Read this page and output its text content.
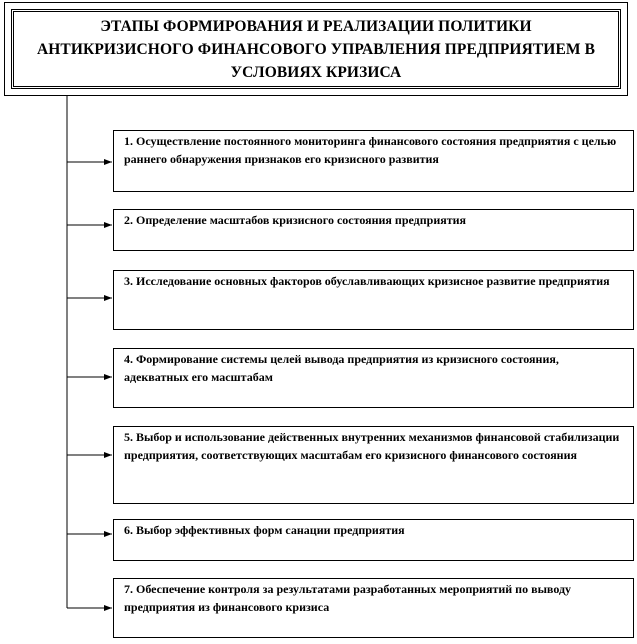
ЭТАПЫ ФОРМИРОВАНИЯ И РЕАЛИЗАЦИИ ПОЛИТИКИ АНТИКРИЗИСНОГО ФИНАНСОВОГО УПРАВЛЕНИЯ ПРЕДПРИЯТИЕМ В УСЛОВИЯХ КРИЗИСА
1. Осуществление постоянного мониторинга финансового состояния предприятия с целью раннего обнаружения признаков его кризисного развития
2. Определение масштабов кризисного состояния предприятия
3. Исследование основных факторов обуславливающих кризисное развитие предприятия
4. Формирование системы целей вывода предприятия из кризисного состояния, адекватных его масштабам
5. Выбор и использование действенных внутренних механизмов финансовой стабилизации предприятия, соответствующих масштабам его кризисного финансового состояния
6. Выбор эффективных форм санации предприятия
7. Обеспечение контроля за результатами разработанных мероприятий по выводу предприятия из финансового кризиса
